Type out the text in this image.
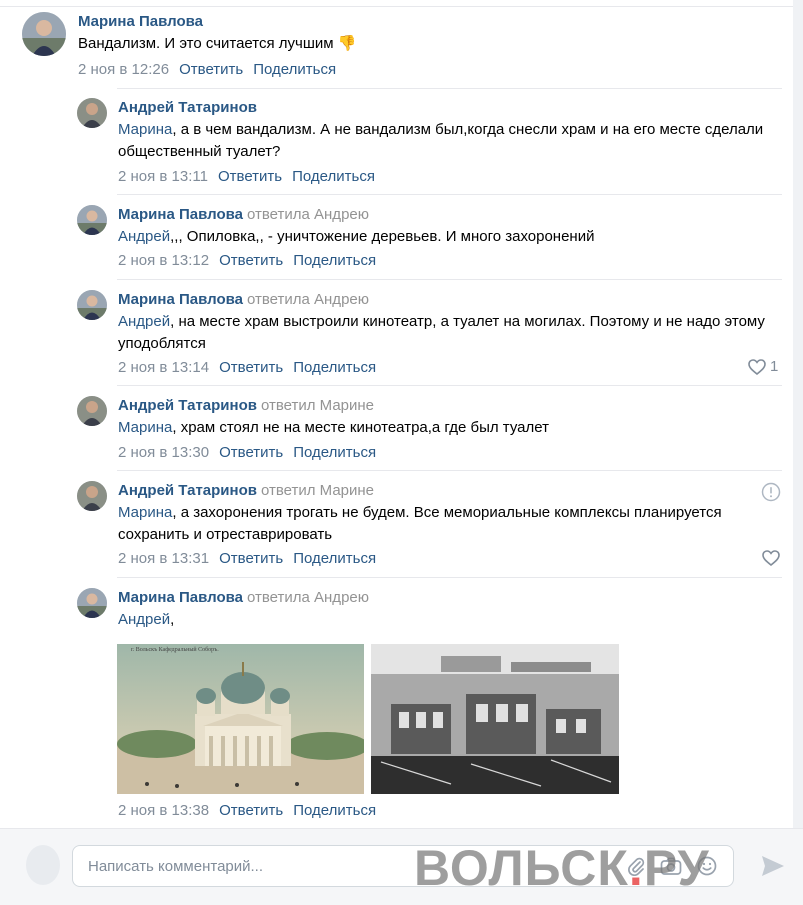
Марина Павлова
Вандализм. И это считается лучшим 👎
2 ноя в 12:26 Ответить Поделиться
Андрей Татаринов
Марина, а в чем вандализм. А не вандализм был,когда снесли храм и на его месте сделали общественный туалет?
2 ноя в 13:11 Ответить Поделиться
Марина Павлова ответила Андрею
Андрей,,, Опиловка,, - уничтожение деревьев. И много захоронений
2 ноя в 13:12 Ответить Поделиться
Марина Павлова ответила Андрею
Андрей, на месте храм выстроили кинотеатр, а туалет на могилах. Поэтому и не надо этому уподоблятся
2 ноя в 13:14 Ответить Поделиться	1
Андрей Татаринов ответил Марине
Марина, храм стоял не на месте кинотеатра,а где был туалет
2 ноя в 13:30 Ответить Поделиться
Андрей Татаринов ответил Марине
Марина, а захоронения трогать не будем. Все мемориальные комплексы планируется сохранить и отреставрировать
2 ноя в 13:31 Ответить Поделиться
Марина Павлова ответила Андрею
Андрей,
г. Вольскъ Кафедральный Соборъ.
2 ноя в 13:38 Ответить Поделиться
Написать комментарий...
ВОЛЬСК.РУ
